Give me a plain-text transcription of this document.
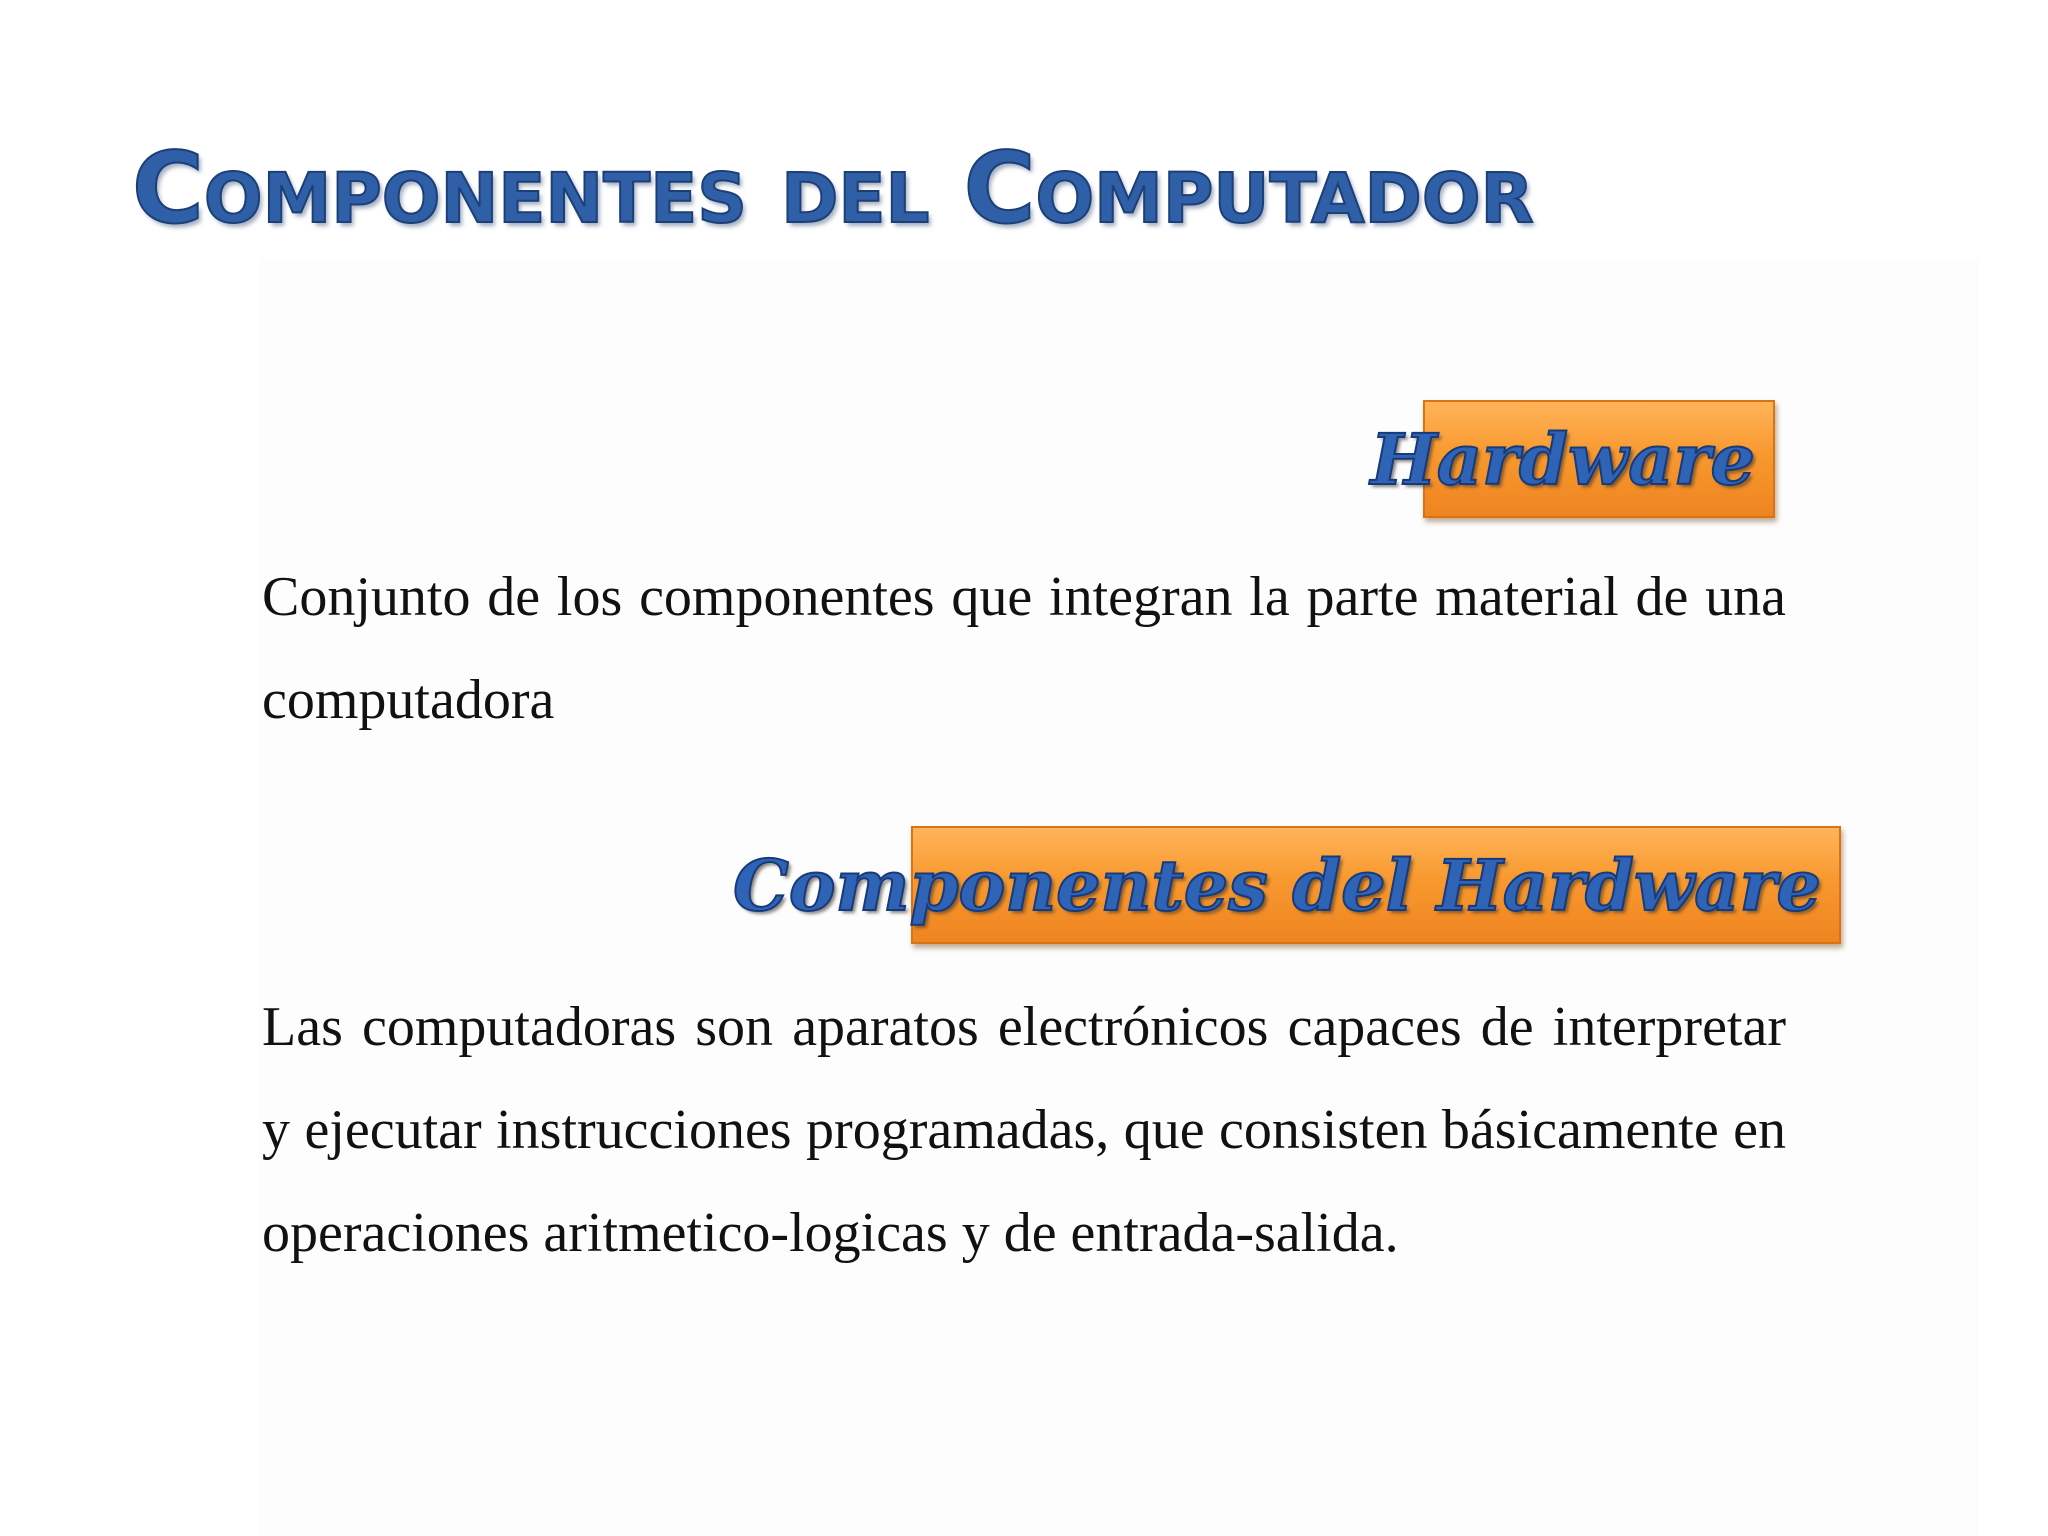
Componentes del Computador
Hardware

Conjunto de los componentes que integran la parte material de una computadora

Componentes del Hardware

Las computadoras son aparatos electrónicos capaces de interpretar y ejecutar instrucciones programadas, que consisten básicamente en operaciones aritmetico-logicas y de entrada-salida.
